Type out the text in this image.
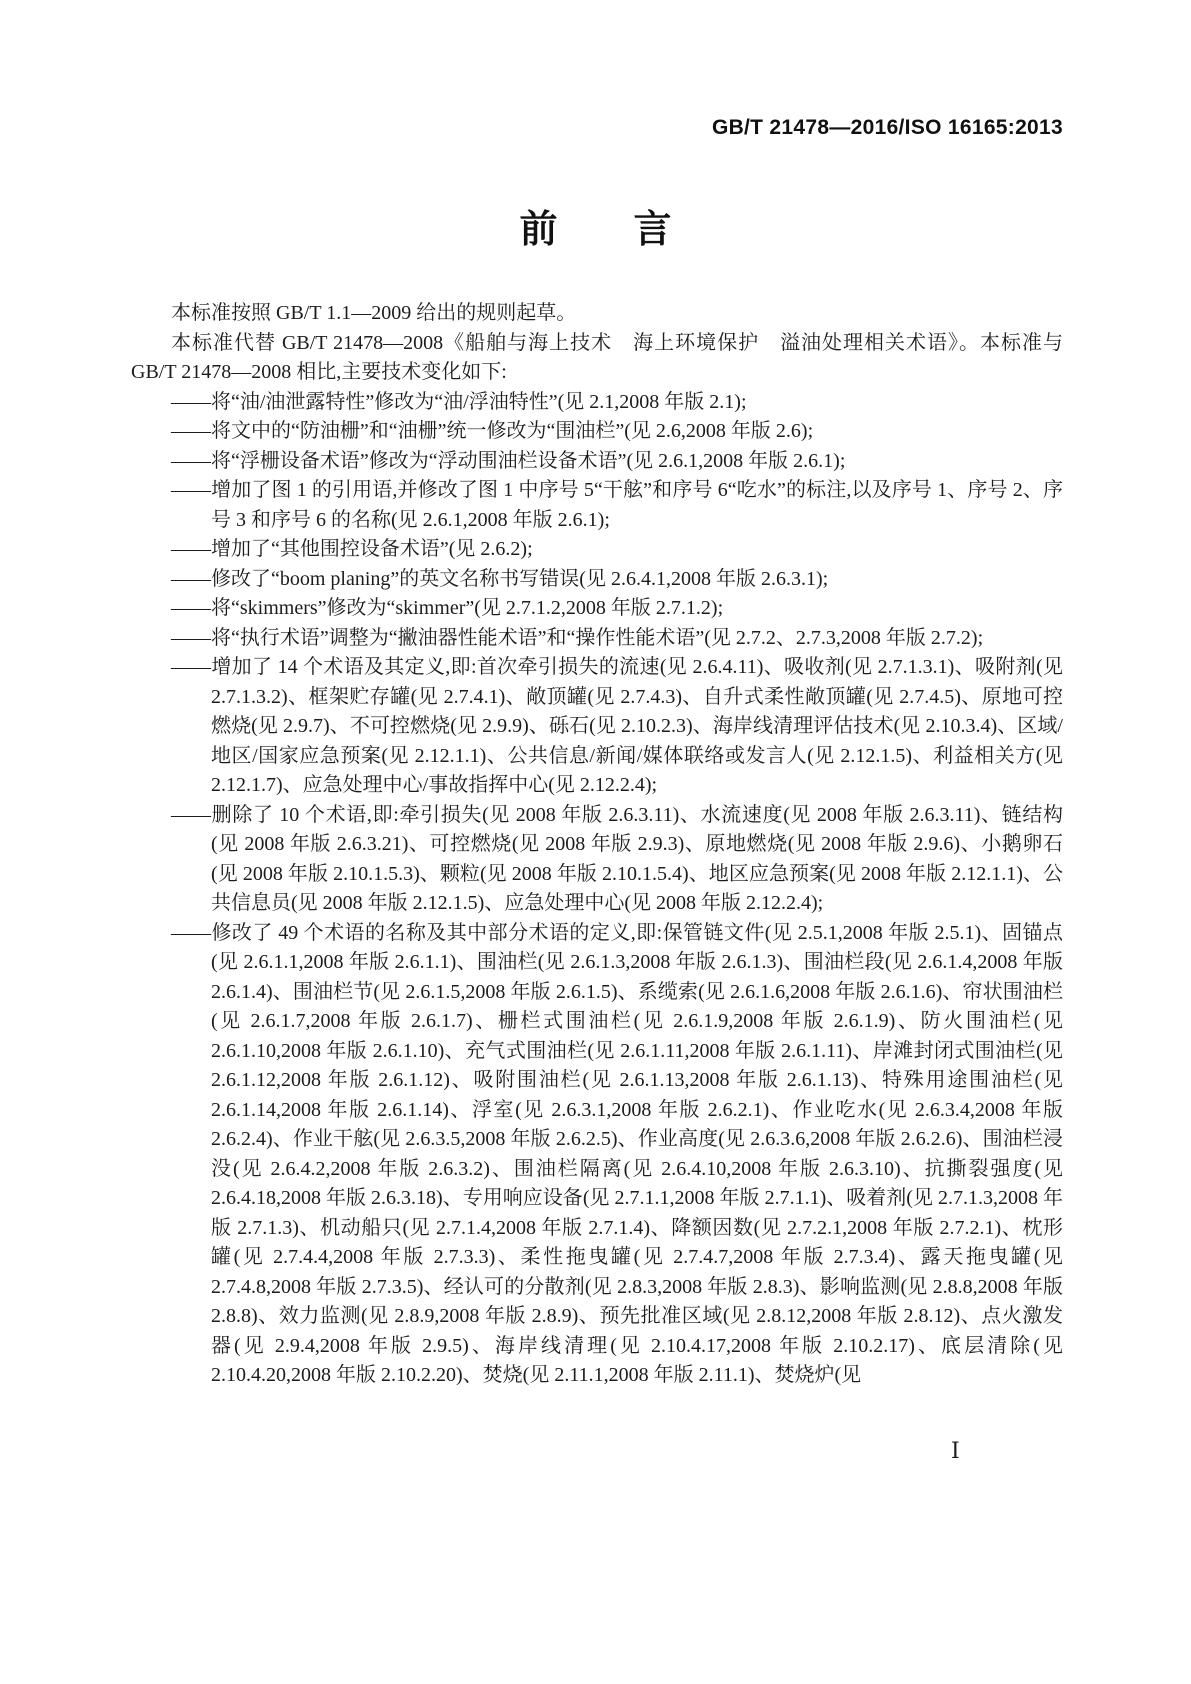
GB/T 21478—2016/ISO 16165:2013
前　　言

本标准按照 GB/T 1.1—2009 给出的规则起草。

本标准代替 GB/T 21478—2008《船舶与海上技术　海上环境保护　溢油处理相关术语》。本标准与 GB/T 21478—2008 相比,主要技术变化如下:

——将“油/油泄露特性”修改为“油/浮油特性”(见 2.1,2008 年版 2.1);

——将文中的“防油栅”和“油栅”统一修改为“围油栏”(见 2.6,2008 年版 2.6);

——将“浮栅设备术语”修改为“浮动围油栏设备术语”(见 2.6.1,2008 年版 2.6.1);

——增加了图 1 的引用语,并修改了图 1 中序号 5“干舷”和序号 6“吃水”的标注,以及序号 1、序号 2、序号 3 和序号 6 的名称(见 2.6.1,2008 年版 2.6.1);

——增加了“其他围控设备术语”(见 2.6.2);

——修改了“boom planing”的英文名称书写错误(见 2.6.4.1,2008 年版 2.6.3.1);

——将“skimmers”修改为“skimmer”(见 2.7.1.2,2008 年版 2.7.1.2);

——将“执行术语”调整为“撇油器性能术语”和“操作性能术语”(见 2.7.2、2.7.3,2008 年版 2.7.2);

——增加了 14 个术语及其定义,即:首次牵引损失的流速(见 2.6.4.11)、吸收剂(见 2.7.1.3.1)、吸附剂(见 2.7.1.3.2)、框架贮存罐(见 2.7.4.1)、敞顶罐(见 2.7.4.3)、自升式柔性敞顶罐(见 2.7.4.5)、原地可控燃烧(见 2.9.7)、不可控燃烧(见 2.9.9)、砾石(见 2.10.2.3)、海岸线清理评估技术(见 2.10.3.4)、区域/地区/国家应急预案(见 2.12.1.1)、公共信息/新闻/媒体联络或发言人(见 2.12.1.5)、利益相关方(见 2.12.1.7)、应急处理中心/事故指挥中心(见 2.12.2.4);

——删除了 10 个术语,即:牵引损失(见 2008 年版 2.6.3.11)、水流速度(见 2008 年版 2.6.3.11)、链结构(见 2008 年版 2.6.3.21)、可控燃烧(见 2008 年版 2.9.3)、原地燃烧(见 2008 年版 2.9.6)、小鹅卵石(见 2008 年版 2.10.1.5.3)、颗粒(见 2008 年版 2.10.1.5.4)、地区应急预案(见 2008 年版 2.12.1.1)、公共信息员(见 2008 年版 2.12.1.5)、应急处理中心(见 2008 年版 2.12.2.4);

——修改了 49 个术语的名称及其中部分术语的定义,即:保管链文件(见 2.5.1,2008 年版 2.5.1)、固锚点(见 2.6.1.1,2008 年版 2.6.1.1)、围油栏(见 2.6.1.3,2008 年版 2.6.1.3)、围油栏段(见 2.6.1.4,2008 年版 2.6.1.4)、围油栏节(见 2.6.1.5,2008 年版 2.6.1.5)、系缆索(见 2.6.1.6,2008 年版 2.6.1.6)、帘状围油栏(见 2.6.1.7,2008 年版 2.6.1.7)、栅栏式围油栏(见 2.6.1.9,2008 年版 2.6.1.9)、防火围油栏(见 2.6.1.10,2008 年版 2.6.1.10)、充气式围油栏(见 2.6.1.11,2008 年版 2.6.1.11)、岸滩封闭式围油栏(见 2.6.1.12,2008 年版 2.6.1.12)、吸附围油栏(见 2.6.1.13,2008 年版 2.6.1.13)、特殊用途围油栏(见 2.6.1.14,2008 年版 2.6.1.14)、浮室(见 2.6.3.1,2008 年版 2.6.2.1)、作业吃水(见 2.6.3.4,2008 年版 2.6.2.4)、作业干舷(见 2.6.3.5,2008 年版 2.6.2.5)、作业高度(见 2.6.3.6,2008 年版 2.6.2.6)、围油栏浸没(见 2.6.4.2,2008 年版 2.6.3.2)、围油栏隔离(见 2.6.4.10,2008 年版 2.6.3.10)、抗撕裂强度(见 2.6.4.18,2008 年版 2.6.3.18)、专用响应设备(见 2.7.1.1,2008 年版 2.7.1.1)、吸着剂(见 2.7.1.3,2008 年版 2.7.1.3)、机动船只(见 2.7.1.4,2008 年版 2.7.1.4)、降额因数(见 2.7.2.1,2008 年版 2.7.2.1)、枕形罐(见 2.7.4.4,2008 年版 2.7.3.3)、柔性拖曳罐(见 2.7.4.7,2008 年版 2.7.3.4)、露天拖曳罐(见 2.7.4.8,2008 年版 2.7.3.5)、经认可的分散剂(见 2.8.3,2008 年版 2.8.3)、影响监测(见 2.8.8,2008 年版 2.8.8)、效力监测(见 2.8.9,2008 年版 2.8.9)、预先批准区域(见 2.8.12,2008 年版 2.8.12)、点火激发器(见 2.9.4,2008 年版 2.9.5)、海岸线清理(见 2.10.4.17,2008 年版 2.10.2.17)、底层清除(见 2.10.4.20,2008 年版 2.10.2.20)、焚烧(见 2.11.1,2008 年版 2.11.1)、焚烧炉(见

Ⅰ
